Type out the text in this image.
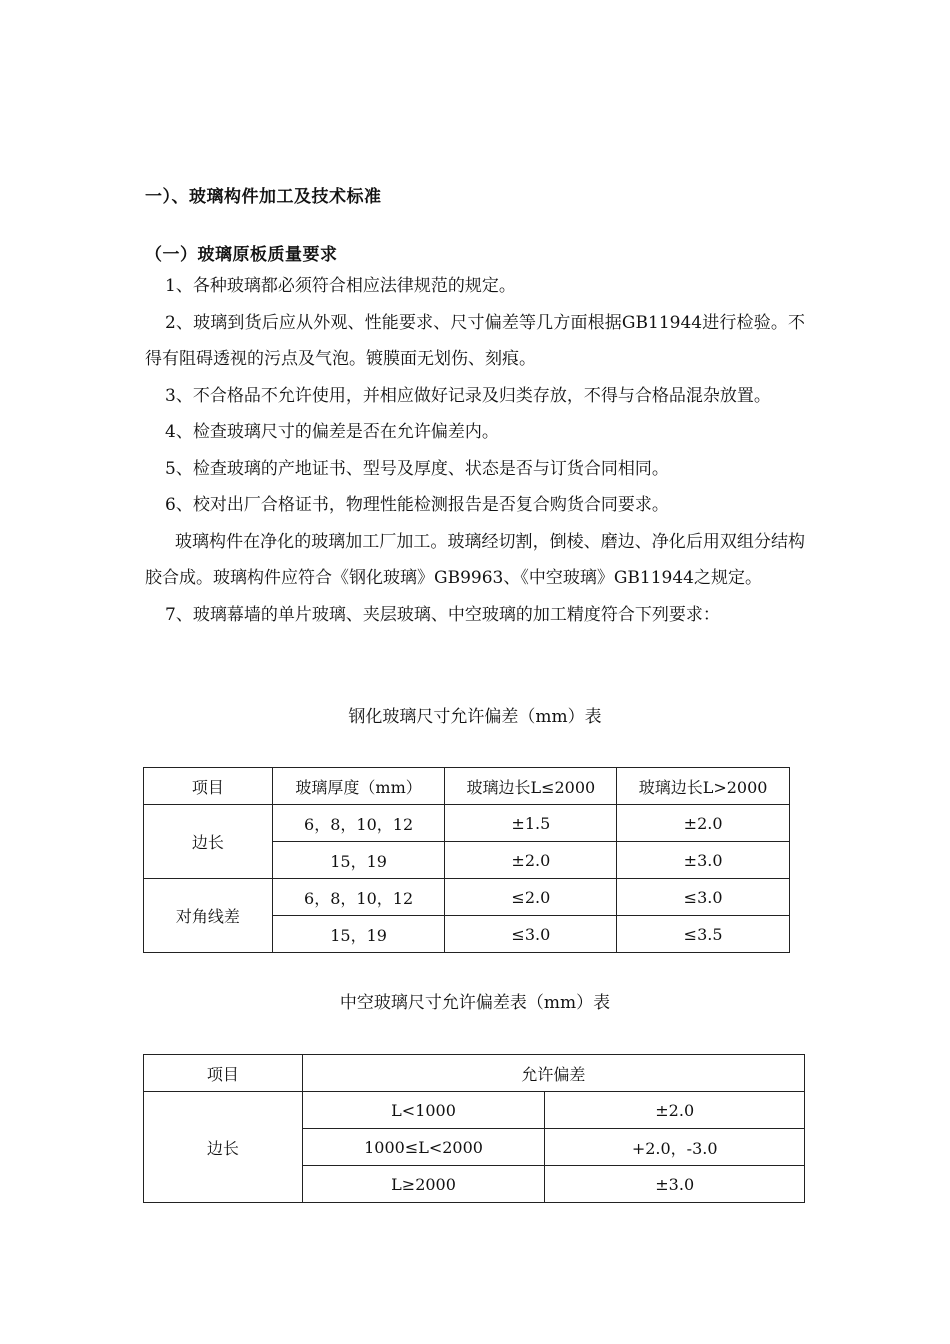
一）、玻璃构件加工及技术标准
（一）玻璃原板质量要求

1、各种玻璃都必须符合相应法律规范的规定。

2、玻璃到货后应从外观、性能要求、尺寸偏差等几方面根据GB11944进行检验。不得有阻碍透视的污点及气泡。镀膜面无划伤、刻痕。

3、不合格品不允许使用，并相应做好记录及归类存放，不得与合格品混杂放置。

4、检查玻璃尺寸的偏差是否在允许偏差内。

5、检查玻璃的产地证书、型号及厚度、状态是否与订货合同相同。

6、校对出厂合格证书，物理性能检测报告是否复合购货合同要求。

玻璃构件在净化的玻璃加工厂加工。玻璃经切割，倒棱、磨边、净化后用双组分结构胶合成。玻璃构件应符合《钢化玻璃》GB9963、《中空玻璃》GB11944之规定。

7、玻璃幕墙的单片玻璃、夹层玻璃、中空玻璃的加工精度符合下列要求：

钢化玻璃尺寸允许偏差（mm）表
项目	玻璃厚度（mm）	玻璃边长L≤2000	玻璃边长L>2000
边长	6，8，10，12	±1.5	±2.0
	15，19	±2.0	±3.0
对角线差	6，8，10，12	≤2.0	≤3.0
	15，19	≤3.0	≤3.5
中空玻璃尺寸允许偏差表（mm）表
项目	允许偏差	
边长	L<1000	±2.0
	1000≤L<2000	+2.0，-3.0
	L≥2000	±3.0
